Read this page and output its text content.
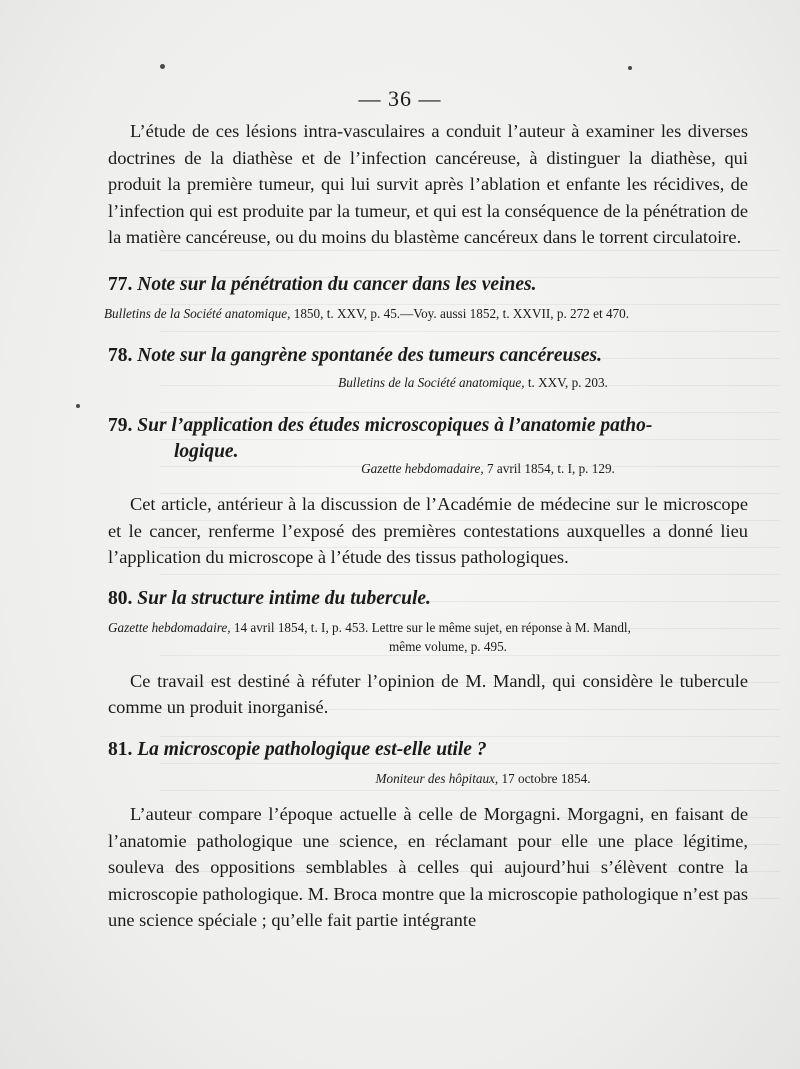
— 36 —

L’étude de ces lésions intra-vasculaires a conduit l’auteur à examiner les diverses doctrines de la diathèse et de l’infection cancéreuse, à distinguer la diathèse, qui produit la première tumeur, qui lui survit après l’ablation et enfante les récidives, de l’infection qui est produite par la tumeur, et qui est la conséquence de la pénétration de la matière cancéreuse, ou du moins du blastème cancéreux dans le torrent circulatoire.

77. Note sur la pénétration du cancer dans les veines.

Bulletins de la Société anatomique, 1850, t. XXV, p. 45.—Voy. aussi 1852, t. XXVII, p. 272 et 470.

78. Note sur la gangrène spontanée des tumeurs cancéreuses.

Bulletins de la Société anatomique, t. XXV, p. 203.

79. Sur l’application des études microscopiques à l’anatomie patho-
logique.

Gazette hebdomadaire, 7 avril 1854, t. I, p. 129.

Cet article, antérieur à la discussion de l’Académie de médecine sur le microscope et le cancer, renferme l’exposé des premières contestations auxquelles a donné lieu l’application du microscope à l’étude des tissus pathologiques.

80. Sur la structure intime du tubercule.

Gazette hebdomadaire, 14 avril 1854, t. I, p. 453. Lettre sur le même sujet, en réponse à M. Mandl,

même volume, p. 495.

Ce travail est destiné à réfuter l’opinion de M. Mandl, qui considère le tubercule comme un produit inorganisé.

81. La microscopie pathologique est-elle utile ?

Moniteur des hôpitaux, 17 octobre 1854.

L’auteur compare l’époque actuelle à celle de Morgagni. Morgagni, en faisant de l’anatomie pathologique une science, en réclamant pour elle une place légitime, souleva des oppositions semblables à celles qui aujourd’hui s’élèvent contre la microscopie pathologique. M. Broca montre que la microscopie pathologique n’est pas une science spéciale ; qu’elle fait partie intégrante
